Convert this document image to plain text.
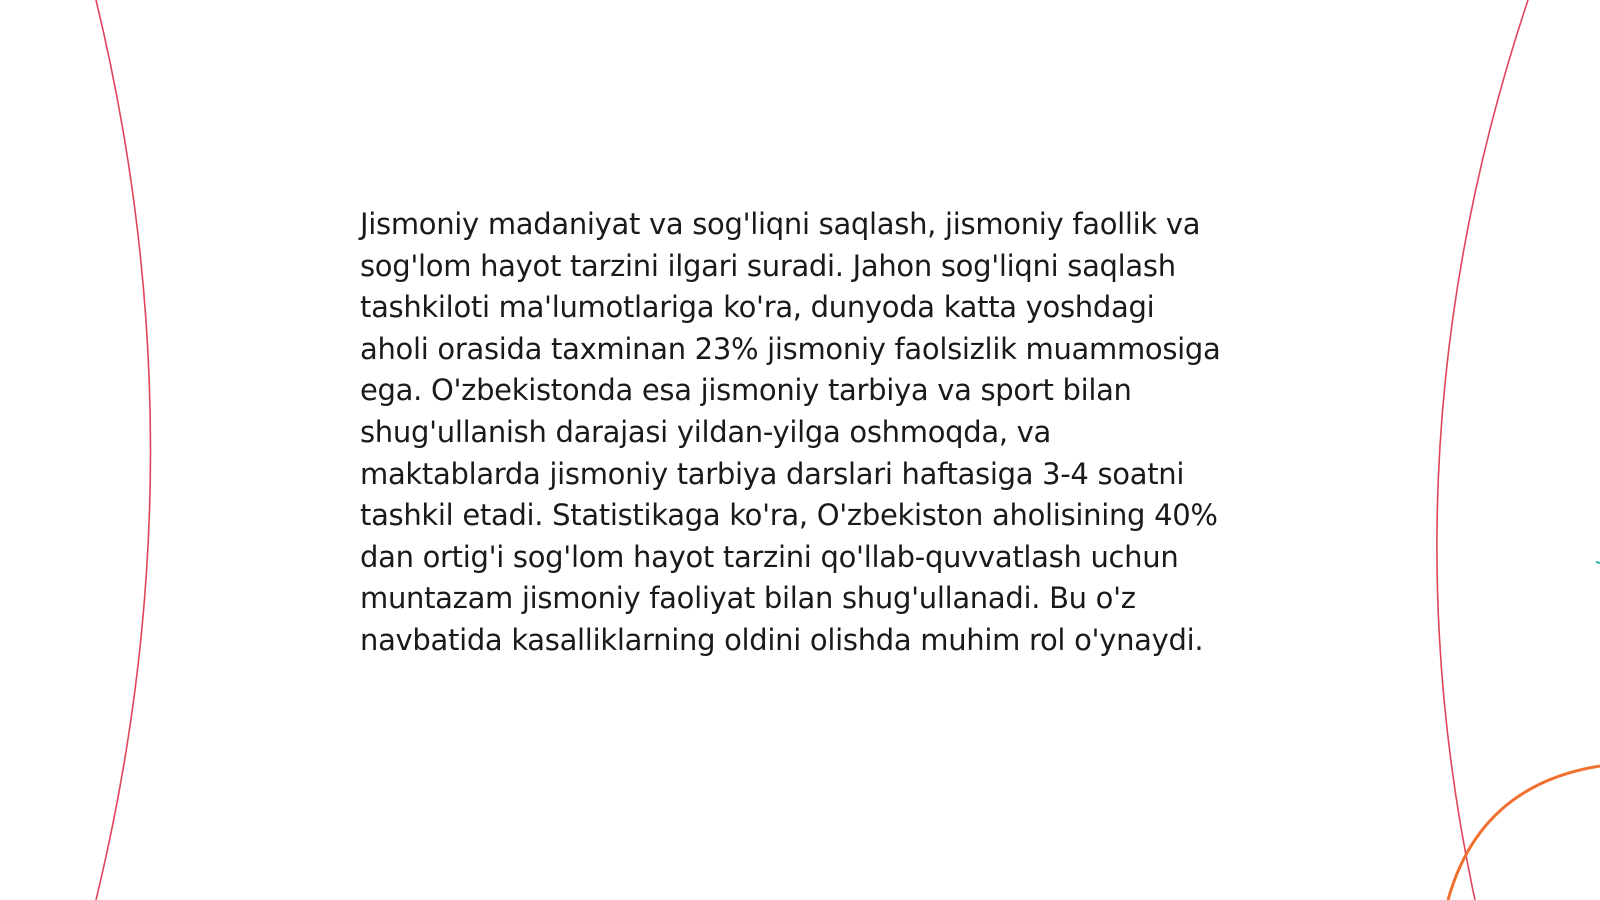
Jismoniy madaniyat va sog'liqni saqlash, jismoniy faollik va sog'lom hayot tarzini ilgari suradi. Jahon sog'liqni saqlash tashkiloti ma'lumotlariga ko'ra, dunyoda katta yoshdagi aholi orasida taxminan 23% jismoniy faolsizlik muammosiga ega. O'zbekistonda esa jismoniy tarbiya va sport bilan shug'ullanish darajasi yildan-yilga oshmoqda, va maktablarda jismoniy tarbiya darslari haftasiga 3-4 soatni tashkil etadi. Statistikaga ko'ra, O'zbekiston aholisining 40% dan ortig'i sog'lom hayot tarzini qo'llab-quvvatlash uchun muntazam jismoniy faoliyat bilan shug'ullanadi. Bu o'z navbatida kasalliklarning oldini olishda muhim rol o'ynaydi.
